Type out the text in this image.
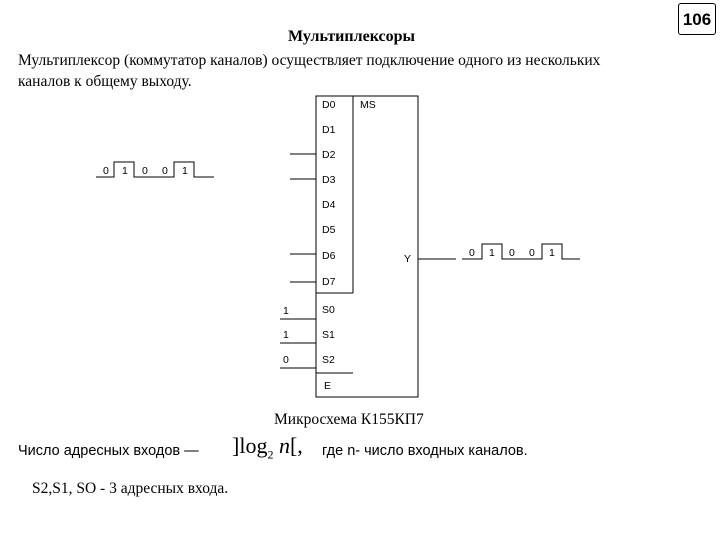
106
Мультиплексоры
Мультиплексор (коммутатор каналов) осуществляет подключение одного из нескольких каналов к общему выходу.
MS
D0
D1
D2
D3
D4
D5
D6
D7
S0
S1
S2
E
Y
1
1
0
0 1 0 0 1
0 1 0 0 1
Микросхема К155КП7
Число адресных входов — ]$\log_2$ n[, где n- число входных каналов.
S2,S1, SO - 3 адресных входа.
